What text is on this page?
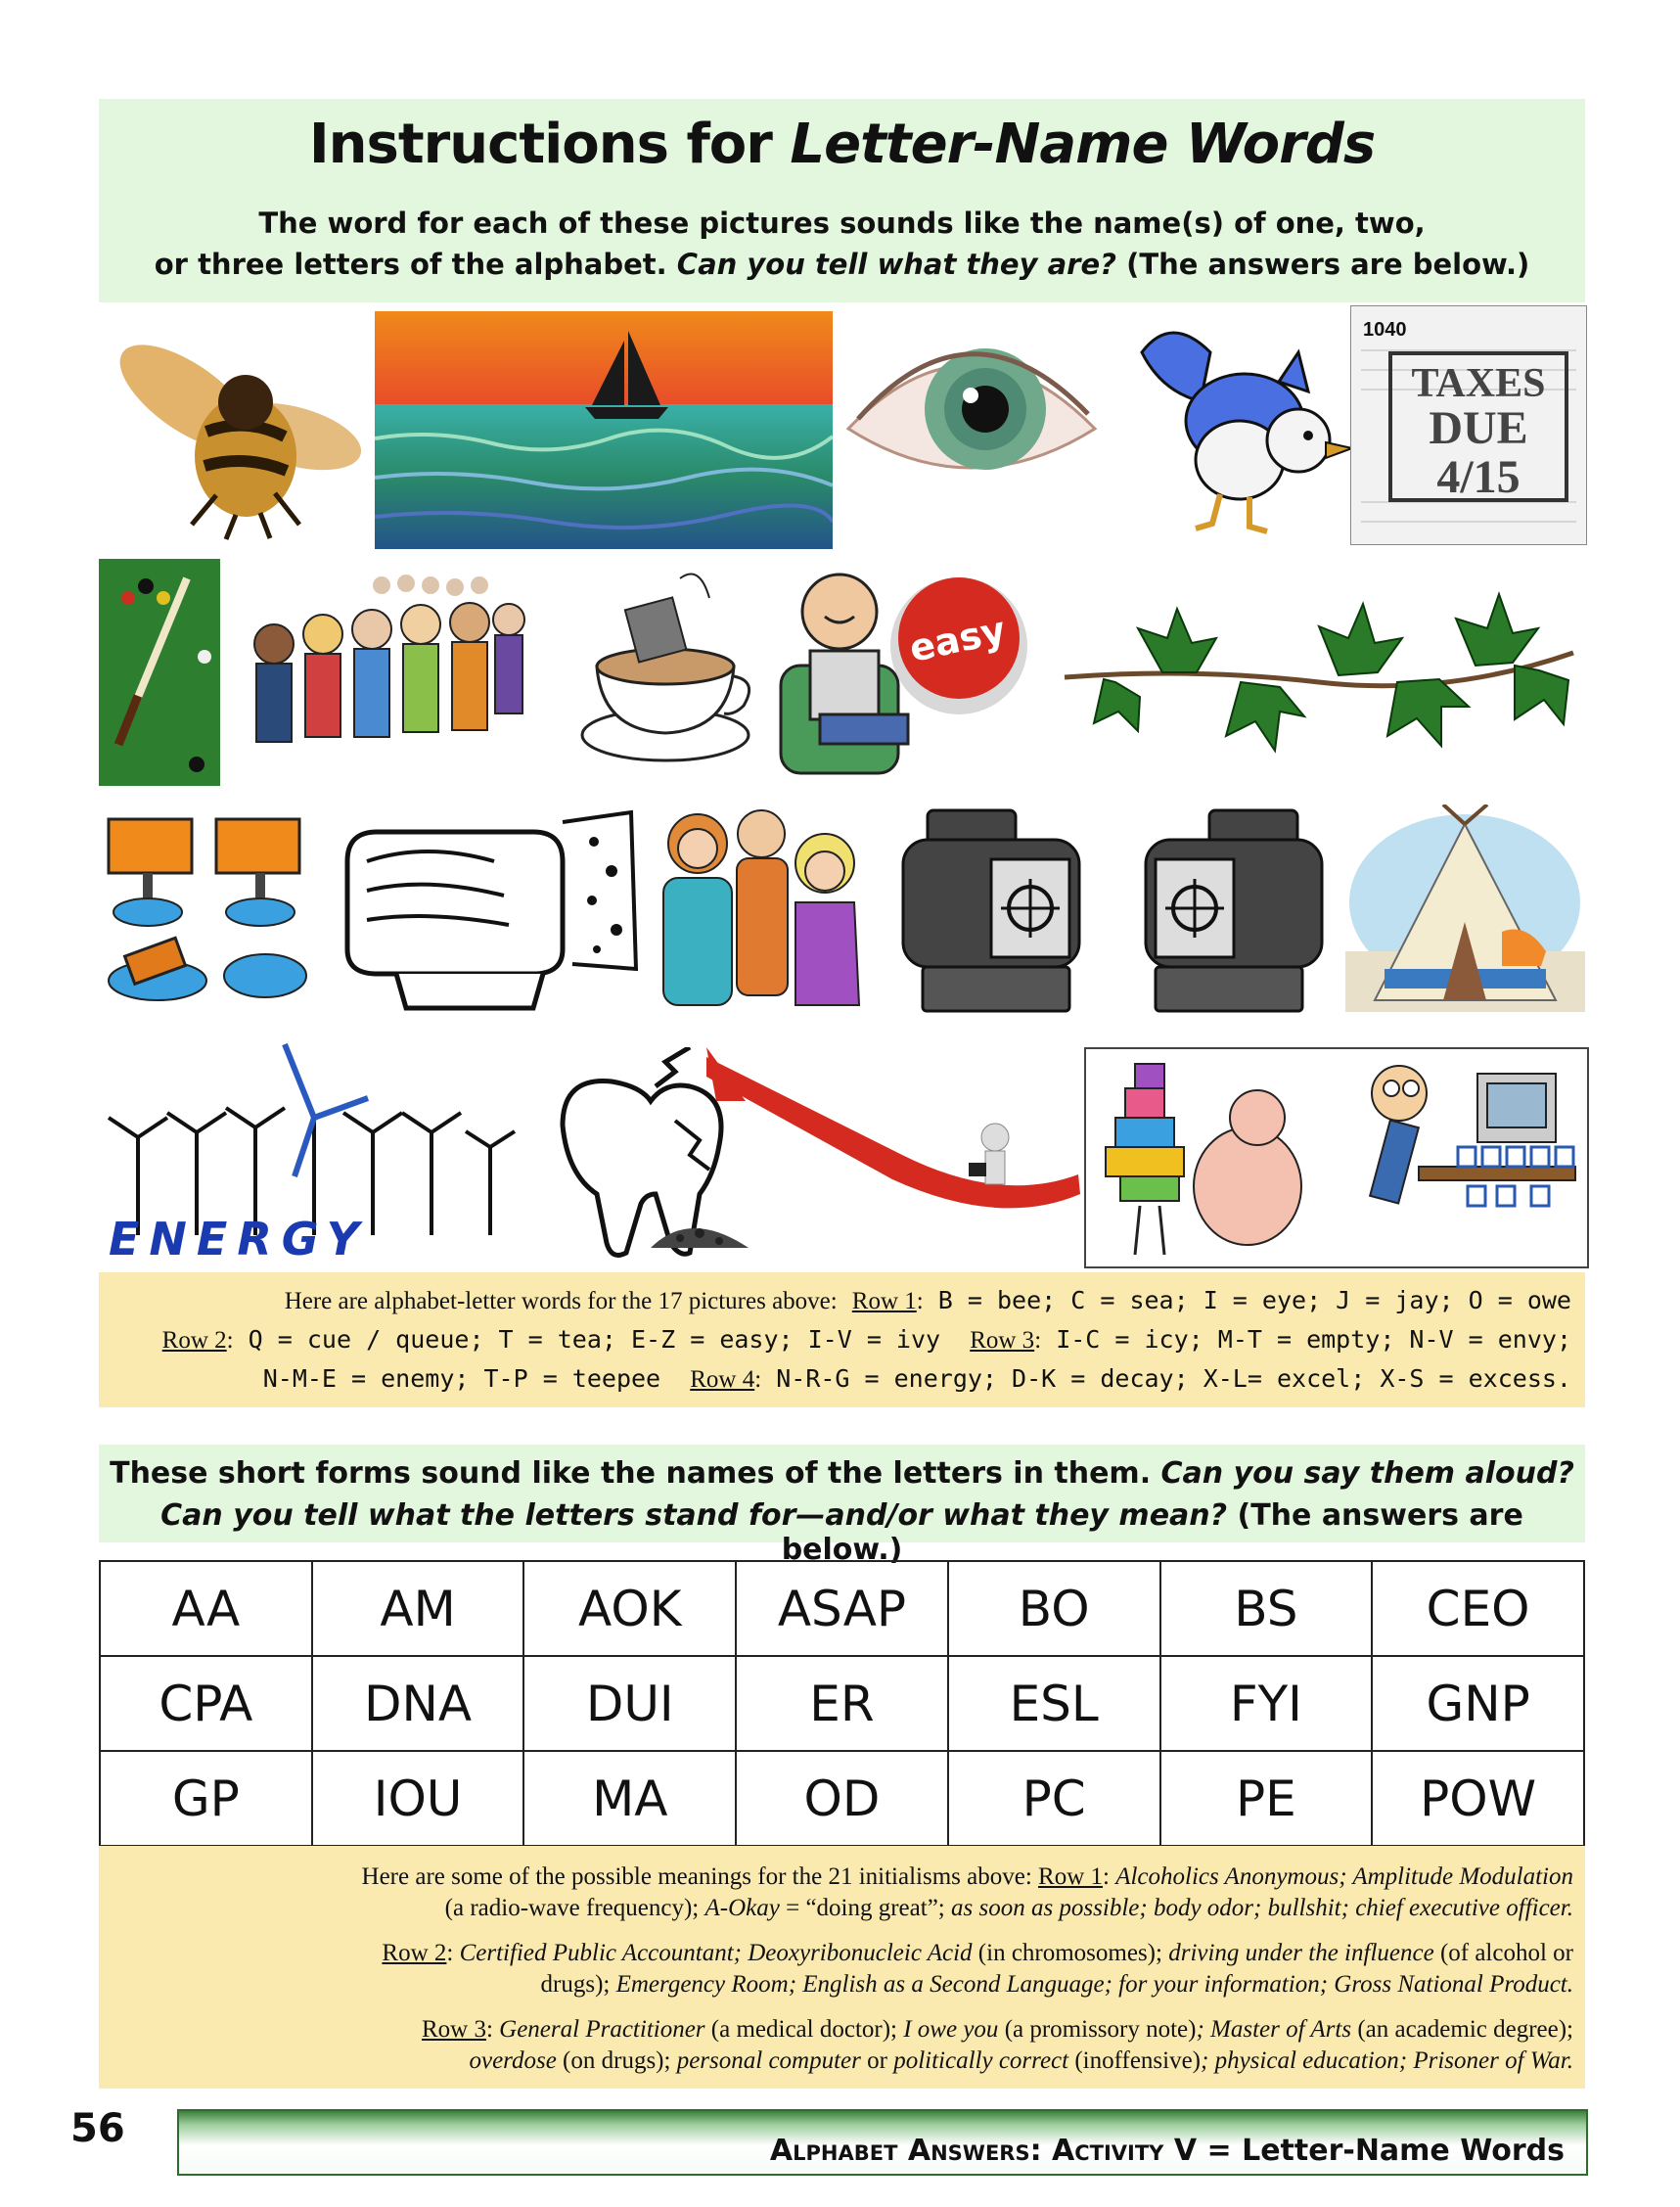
Instructions for Letter-Name Words
The word for each of these pictures sounds like the name(s) of one, two,
or three letters of the alphabet. Can you tell what they are? (The answers are below.)
1040
TAXES
DUE
4/15
easy
ENERGY
Here are alphabet-letter words for the 17 pictures above: Row 1: B = bee; C = sea; I = eye; J = jay; O = owe
Row 2: Q = cue / queue; T = tea; E-Z = easy; I-V = ivy Row 3: I-C = icy; M-T = empty; N-V = envy;
N-M-E = enemy; T-P = teepee Row 4: N-R-G = energy; D-K = decay; X-L= excel; X-S = excess.
These short forms sound like the names of the letters in them. Can you say them aloud?
Can you tell what the letters stand for—and/or what they mean? (The answers are below.)
AA	AM	AOK	ASAP	BO	BS	CEO
CPA	DNA	DUI	ER	ESL	FYI	GNP
GP	IOU	MA	OD	PC	PE	POW
Here are some of the possible meanings for the 21 initialisms above: Row 1: Alcoholics Anonymous; Amplitude Modulation
(a radio-wave frequency); A-Okay = “doing great”; as soon as possible; body odor; bullshit; chief executive officer.
Row 2: Certified Public Accountant; Deoxyribonucleic Acid (in chromosomes); driving under the influence (of alcohol or
drugs); Emergency Room; English as a Second Language; for your information; Gross National Product.
Row 3: General Practitioner (a medical doctor); I owe you (a promissory note); Master of Arts (an academic degree);
overdose (on drugs); personal computer or politically correct (inoffensive); physical education; Prisoner of War.
56	Alphabet Answers: Activity V = Letter-Name Words
